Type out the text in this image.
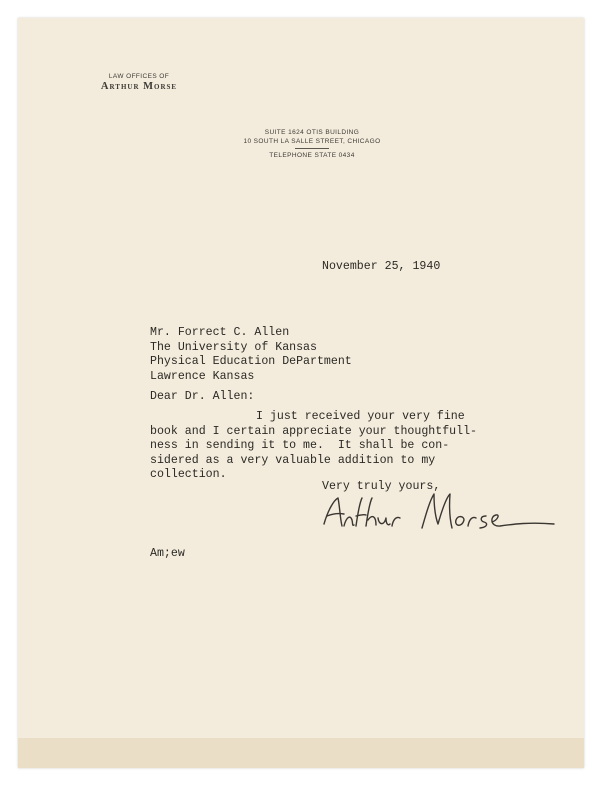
LAW OFFICES OF
Arthur Morse
SUITE 1624 OTIS BUILDING
10 SOUTH LA SALLE STREET, CHICAGO
TELEPHONE STATE 0434
November 25, 1940
Mr. Forrect C. Allen
The University of Kansas
Physical Education DePartment
Lawrence Kansas
Dear Dr. Allen:
I just received your very fine
book and I certain appreciate your thoughtfull-
ness in sending it to me.  It shall be con-
sidered as a very valuable addition to my
collection.
Very truly yours,
Am;ew
